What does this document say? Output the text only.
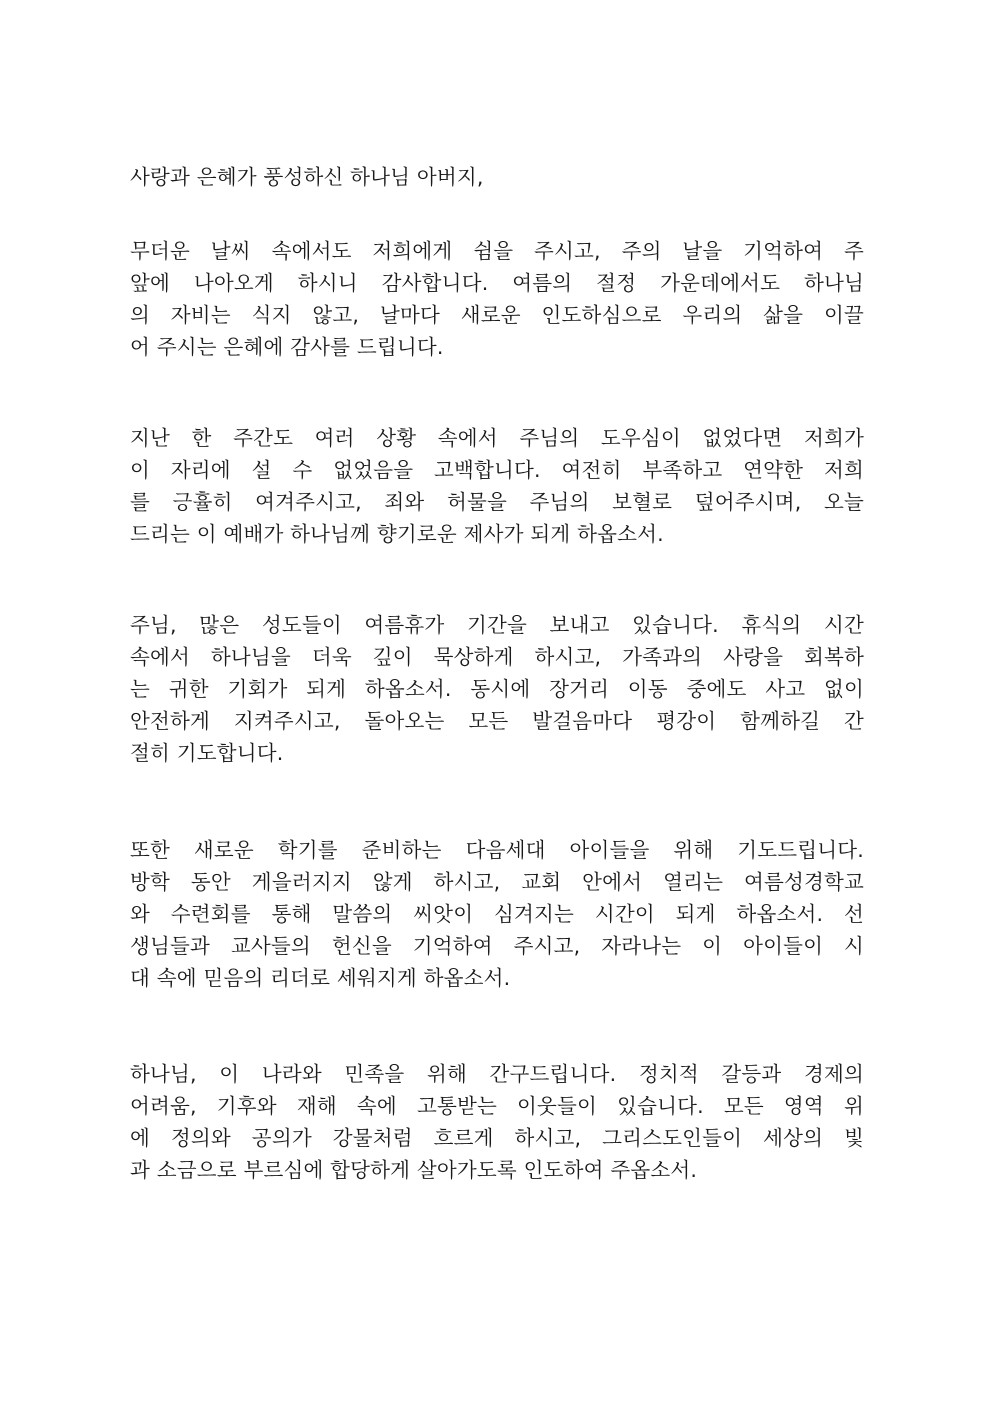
사랑과 은혜가 풍성하신 하나님 아버지,

무더운 날씨 속에서도 저희에게 쉼을 주시고, 주의 날을 기억하여 주
앞에 나아오게 하시니 감사합니다. 여름의 절정 가운데에서도 하나님
의 자비는 식지 않고, 날마다 새로운 인도하심으로 우리의 삶을 이끌
어 주시는 은혜에 감사를 드립니다.

지난 한 주간도 여러 상황 속에서 주님의 도우심이 없었다면 저희가
이 자리에 설 수 없었음을 고백합니다. 여전히 부족하고 연약한 저희
를 긍휼히 여겨주시고, 죄와 허물을 주님의 보혈로 덮어주시며, 오늘
드리는 이 예배가 하나님께 향기로운 제사가 되게 하옵소서.

주님, 많은 성도들이 여름휴가 기간을 보내고 있습니다. 휴식의 시간
속에서 하나님을 더욱 깊이 묵상하게 하시고, 가족과의 사랑을 회복하
는 귀한 기회가 되게 하옵소서. 동시에 장거리 이동 중에도 사고 없이
안전하게 지켜주시고, 돌아오는 모든 발걸음마다 평강이 함께하길 간
절히 기도합니다.

또한 새로운 학기를 준비하는 다음세대 아이들을 위해 기도드립니다.
방학 동안 게을러지지 않게 하시고, 교회 안에서 열리는 여름성경학교
와 수련회를 통해 말씀의 씨앗이 심겨지는 시간이 되게 하옵소서. 선
생님들과 교사들의 헌신을 기억하여 주시고, 자라나는 이 아이들이 시
대 속에 믿음의 리더로 세워지게 하옵소서.

하나님, 이 나라와 민족을 위해 간구드립니다. 정치적 갈등과 경제의
어려움, 기후와 재해 속에 고통받는 이웃들이 있습니다. 모든 영역 위
에 정의와 공의가 강물처럼 흐르게 하시고, 그리스도인들이 세상의 빛
과 소금으로 부르심에 합당하게 살아가도록 인도하여 주옵소서.
